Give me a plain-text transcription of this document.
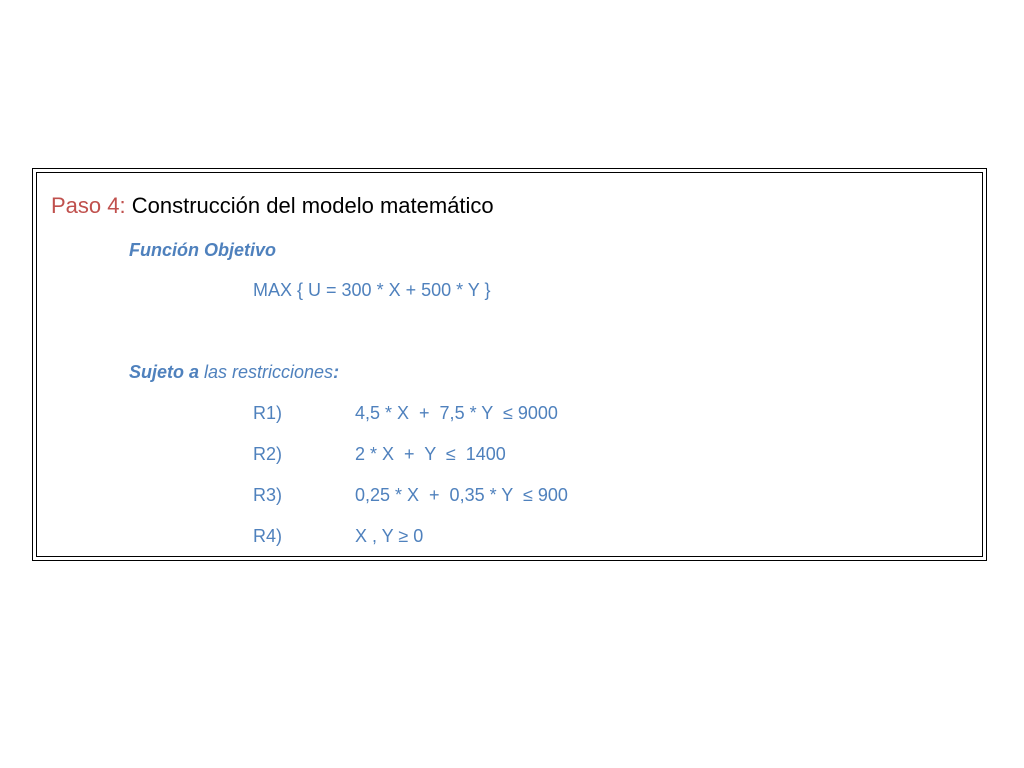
Paso 4: Construcción del modelo matemático
Función Objetivo
MAX { U = 300 * X + 500 * Y }
Sujeto a las restricciones:
R1)	4,5 * X  +  7,5 * Y  ≤ 9000
R2)	2 * X  +  Y  ≤  1400
R3)	0,25 * X  +  0,35 * Y  ≤ 900
R4)	X , Y ≥ 0
